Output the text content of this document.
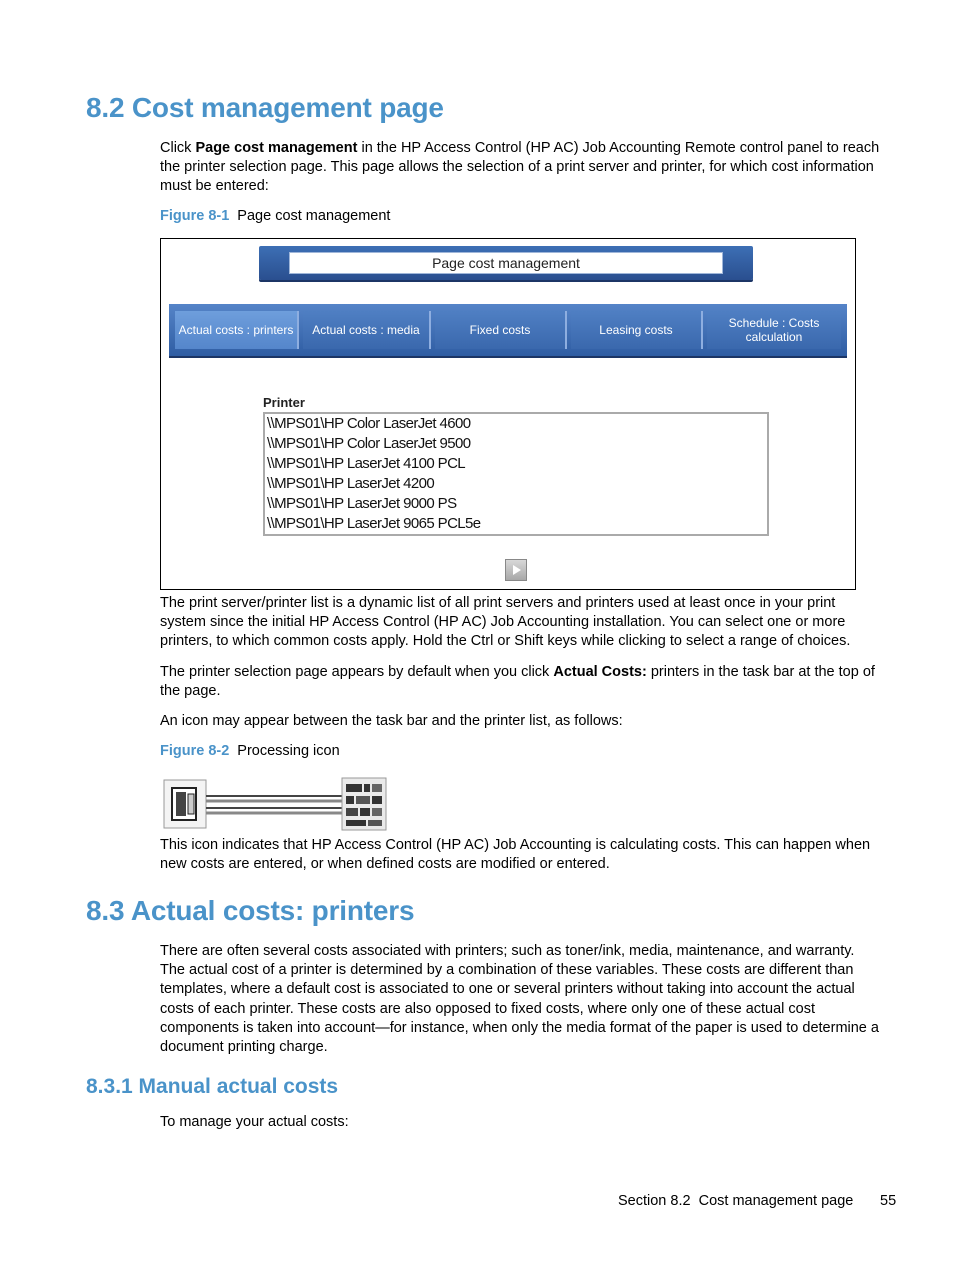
8.2 Cost management page

Click Page cost management in the HP Access Control (HP AC) Job Accounting Remote control panel to reach the printer selection page. This page allows the selection of a print server and printer, for which cost information must be entered:

Figure 8-1 Page cost management

Page cost management
Actual costs : printers	Actual costs : media	Fixed costs	Leasing costs	Schedule : Costs calculation
Printer
\\MPS01\HP Color LaserJet 4600
\\MPS01\HP Color LaserJet 9500
\\MPS01\HP LaserJet 4100 PCL
\\MPS01\HP LaserJet 4200
\\MPS01\HP LaserJet 9000 PS
\\MPS01\HP LaserJet 9065 PCL5e

The print server/printer list is a dynamic list of all print servers and printers used at least once in your print system since the initial HP Access Control (HP AC) Job Accounting installation. You can select one or more printers, to which common costs apply. Hold the Ctrl or Shift keys while clicking to select a range of choices.

The printer selection page appears by default when you click Actual Costs: printers in the task bar at the top of the page.

An icon may appear between the task bar and the printer list, as follows:

Figure 8-2 Processing icon

This icon indicates that HP Access Control (HP AC) Job Accounting is calculating costs. This can happen when new costs are entered, or when defined costs are modified or entered.

8.3 Actual costs: printers

There are often several costs associated with printers; such as toner/ink, media, maintenance, and warranty. The actual cost of a printer is determined by a combination of these variables. These costs are different than templates, where a default cost is associated to one or several printers without taking into account the actual costs of each printer. These costs are also opposed to fixed costs, where only one of these actual cost components is taken into account—for instance, when only the media format of the paper is used to determine a document printing charge.

8.3.1 Manual actual costs

To manage your actual costs:

Section 8.2  Cost management page 55
